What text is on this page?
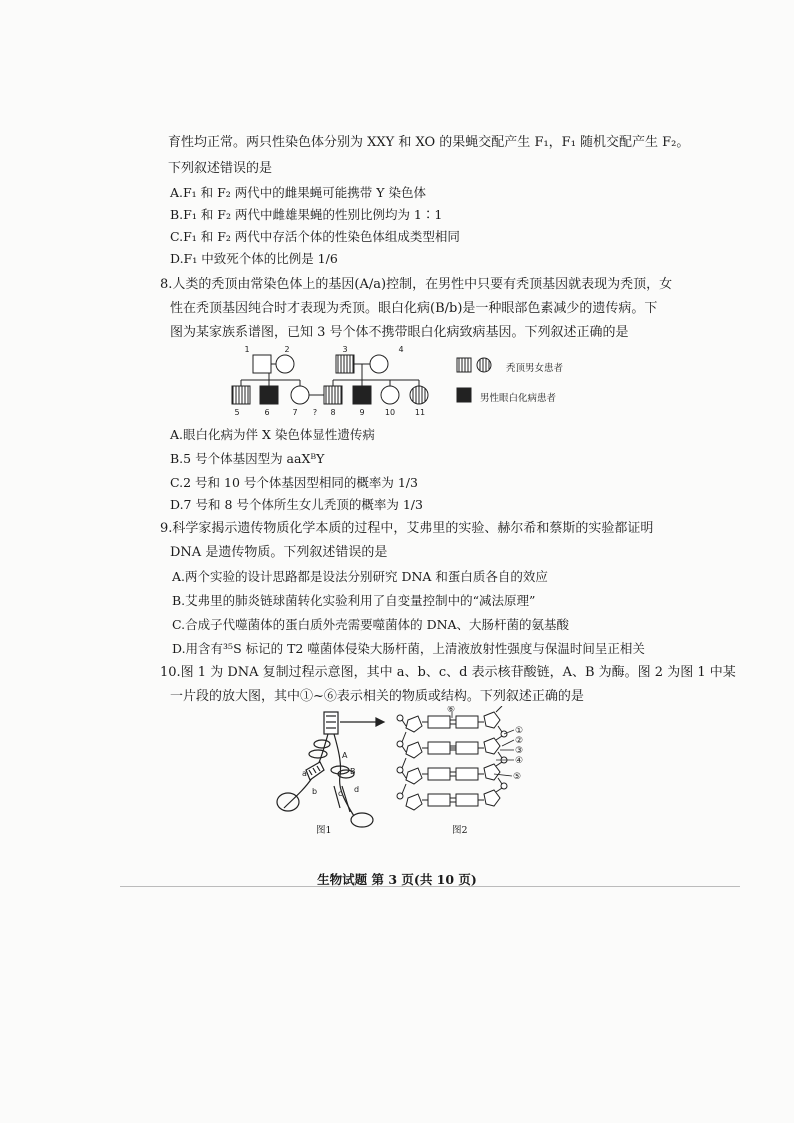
育性均正常。两只性染色体分别为 XXY 和 XO 的果蝇交配产生 F₁，F₁ 随机交配产生 F₂。
下列叙述错误的是
A.F₁ 和 F₂ 两代中的雌果蝇可能携带 Y 染色体
B.F₁ 和 F₂ 两代中雌雄果蝇的性别比例均为 1∶1
C.F₁ 和 F₂ 两代中存活个体的性染色体组成类型相同
D.F₁ 中致死个体的比例是 1/6
8.人类的秃顶由常染色体上的基因(A/a)控制，在男性中只要有秃顶基因就表现为秃顶，女
性在秃顶基因纯合时才表现为秃顶。眼白化病(B/b)是一种眼部色素减少的遗传病。下
图为某家族系谱图，已知 3 号个体不携带眼白化病致病基因。下列叙述正确的是
1	2	3	4
5	6	7 ? 8	9	10 11
秃顶男女患者
男性眼白化病患者
A.眼白化病为伴 X 染色体显性遗传病
B.5 号个体基因型为 aaXᴮY
C.2 号和 10 号个体基因型相同的概率为 1/3
D.7 号和 8 号个体所生女儿秃顶的概率为 1/3
9.科学家揭示遗传物质化学本质的过程中，艾弗里的实验、赫尔希和蔡斯的实验都证明
DNA 是遗传物质。下列叙述错误的是
A.两个实验的设计思路都是设法分别研究 DNA 和蛋白质各自的效应
B.艾弗里的肺炎链球菌转化实验利用了自变量控制中的“减法原理”
C.合成子代噬菌体的蛋白质外壳需要噬菌体的 DNA、大肠杆菌的氨基酸
D.用含有³⁵S 标记的 T2 噬菌体侵染大肠杆菌，上清液放射性强度与保温时间呈正相关
10.图 1 为 DNA 复制过程示意图，其中 a、b、c、d 表示核苷酸链，A、B 为酶。图 2 为图 1 中某
一片段的放大图，其中①~⑥表示相关的物质或结构。下列叙述正确的是
A
B
a
b	c d
图1
⑥
①
②
③
④
⑤
图2
生物试题 第 3 页(共 10 页)
